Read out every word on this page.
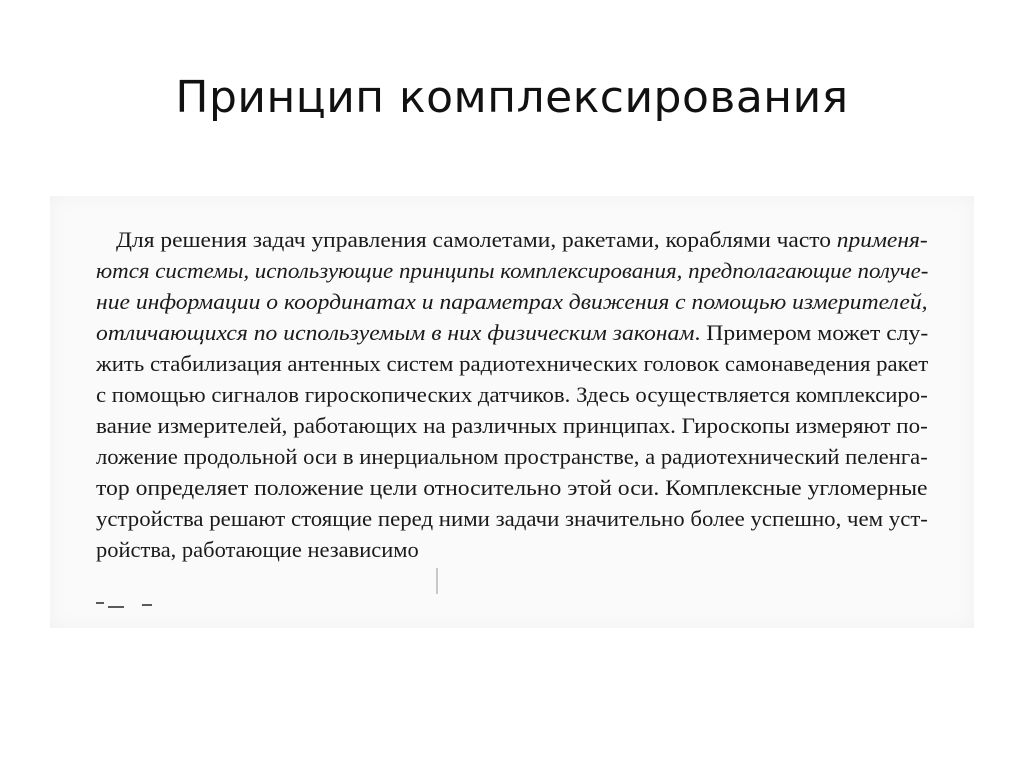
Принцип комплексирования
Для решения задач управления самолетами, ракетами, кораблями часто применя-
ются системы, использующие принципы комплексирования, предполагающие получе-
ние информации о координатах и параметрах движения с помощью измерителей,
отличающихся по используемым в них физическим законам. Примером может слу-
жить стабилизация антенных систем радиотехнических головок самонаведения ракет
с помощью сигналов гироскопических датчиков. Здесь осуществляется комплексиро-
вание измерителей, работающих на различных принципах. Гироскопы измеряют по-
ложение продольной оси в инерциальном пространстве, а радиотехнический пеленга-
тор определяет положение цели относительно этой оси. Комплексные угломерные
устройства решают стоящие перед ними задачи значительно более успешно, чем уст-
ройства, работающие независимо
